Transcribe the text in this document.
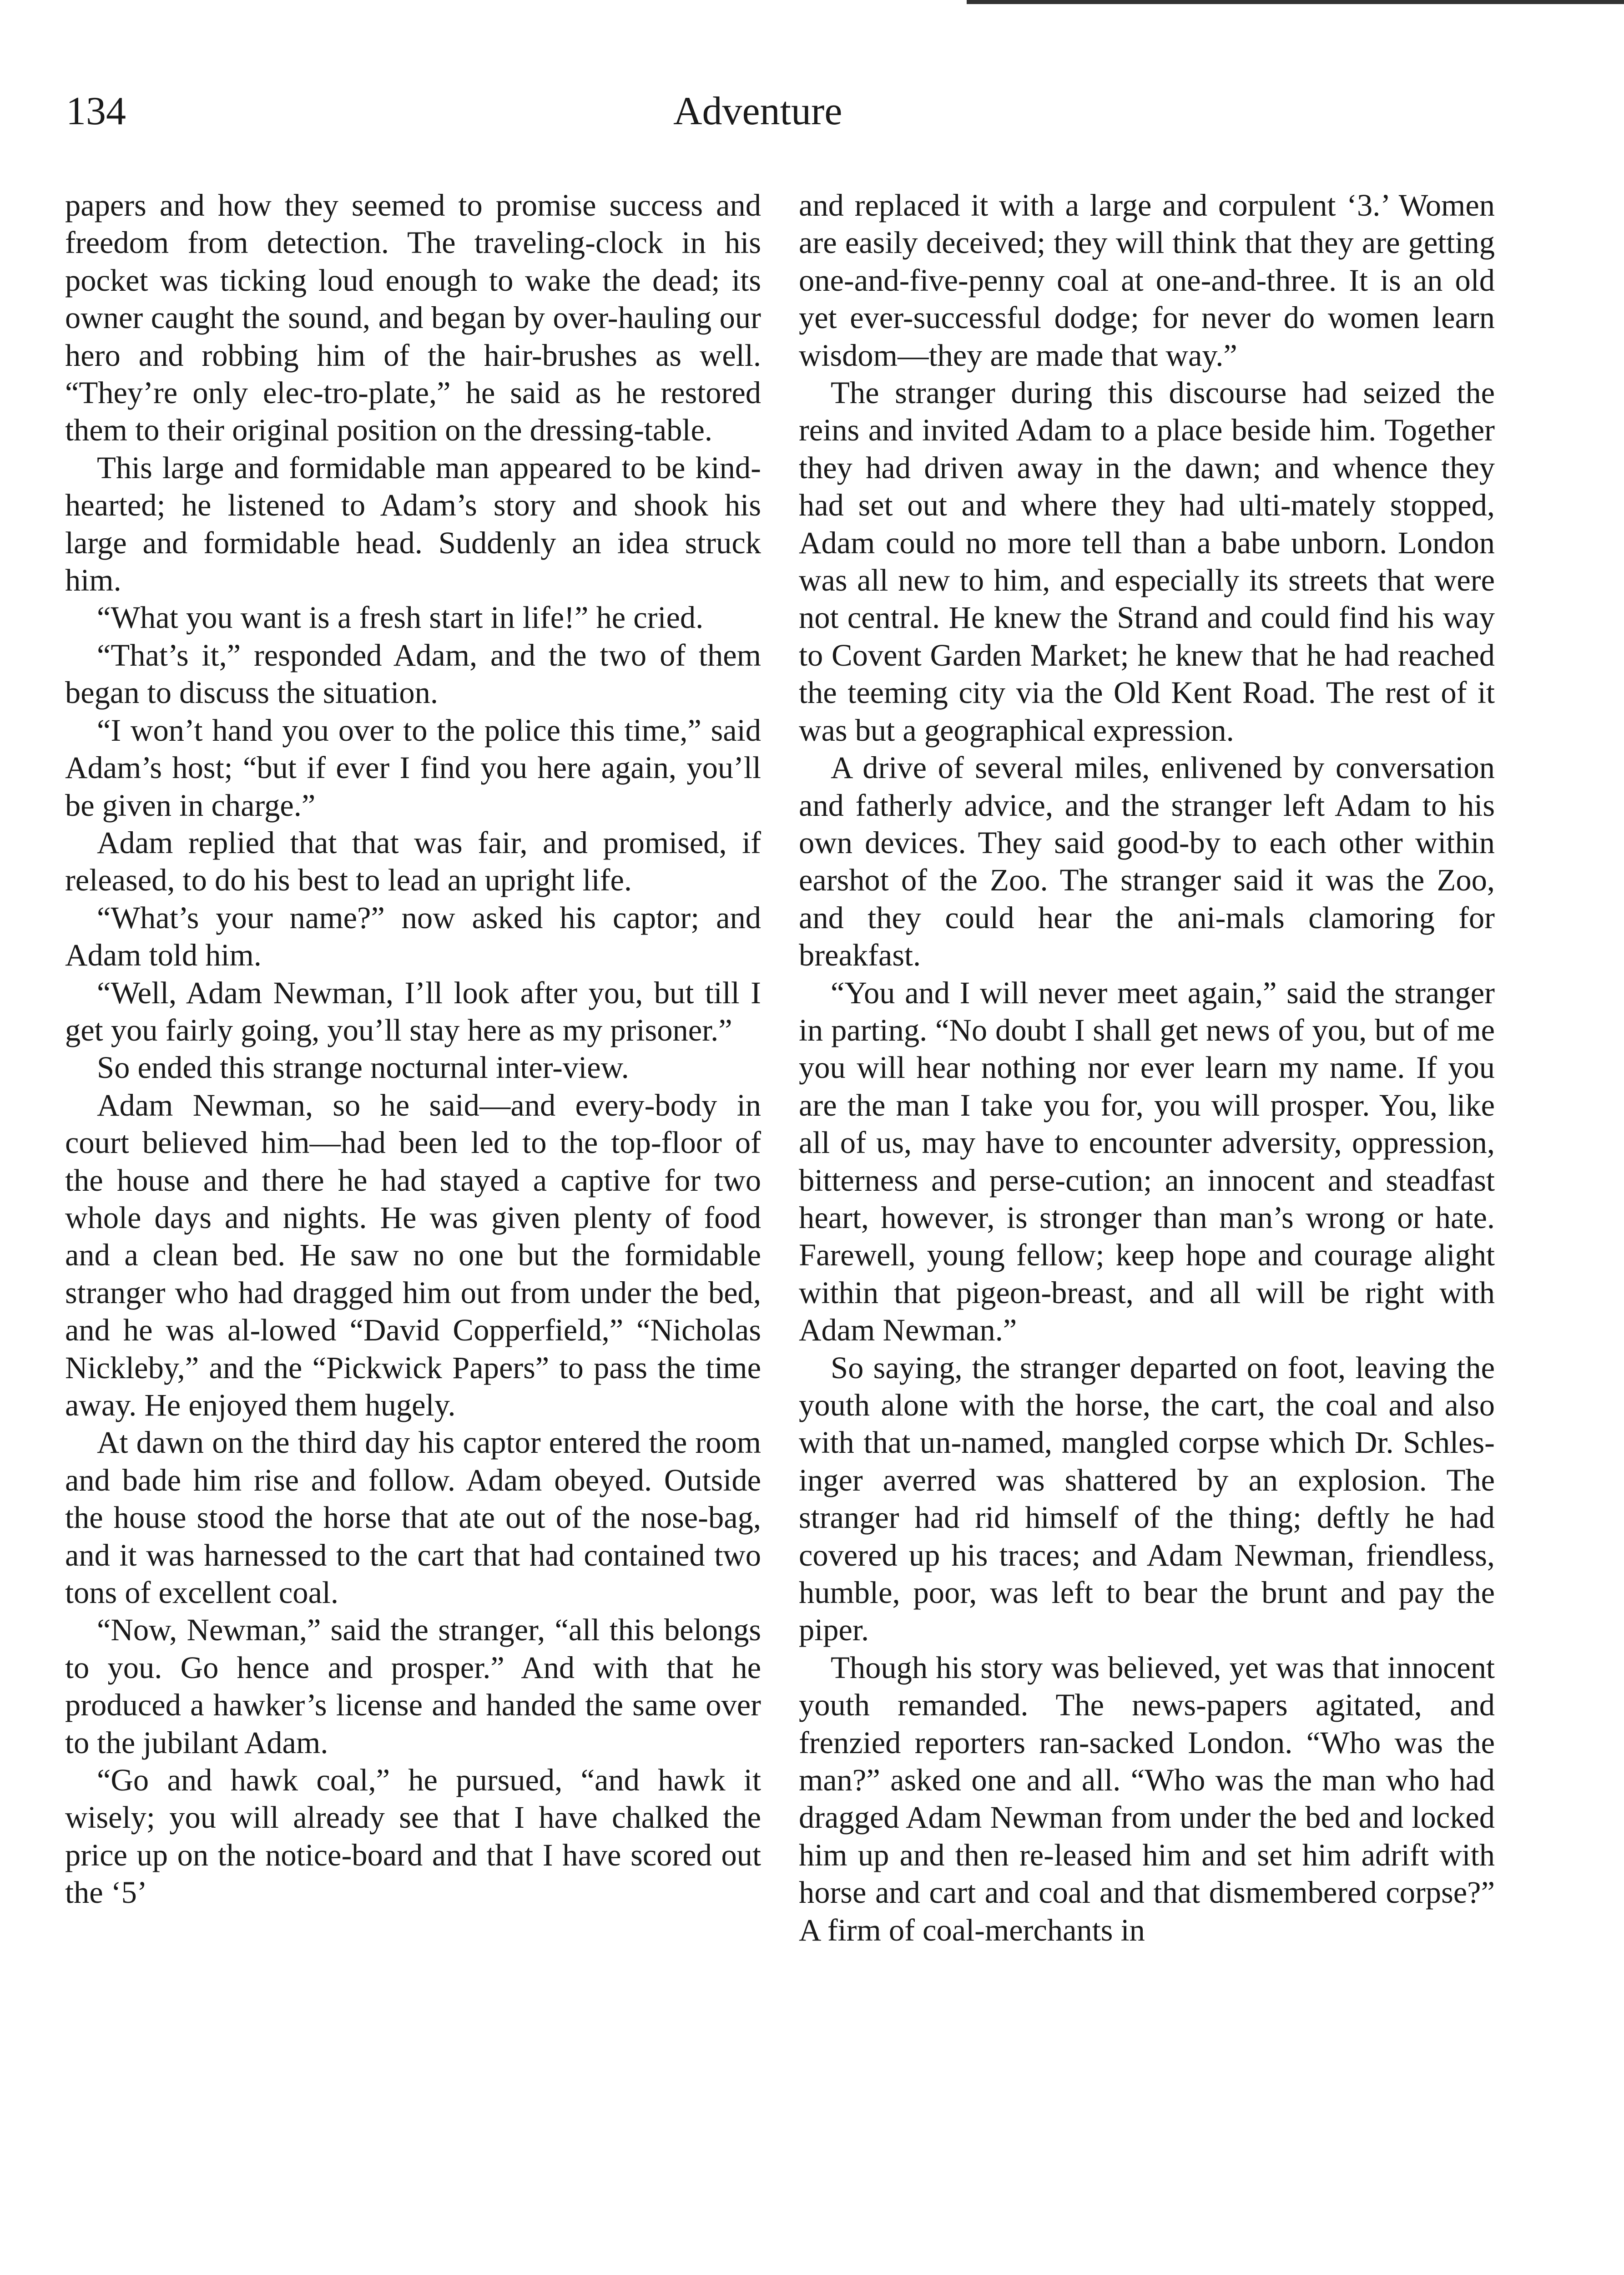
134	Adventure

papers and how they seemed to promise success and freedom from detection. The traveling-clock in his pocket was ticking loud enough to wake the dead; its owner caught the sound, and began by over-hauling our hero and robbing him of the hair-brushes as well. “They’re only elec-tro-plate,” he said as he restored them to their original position on the dressing-table.

This large and formidable man appeared to be kind-hearted; he listened to Adam’s story and shook his large and formidable head. Suddenly an idea struck him.

“What you want is a fresh start in life!” he cried.

“That’s it,” responded Adam, and the two of them began to discuss the situation.

“I won’t hand you over to the police this time,” said Adam’s host; “but if ever I find you here again, you’ll be given in charge.”

Adam replied that that was fair, and promised, if released, to do his best to lead an upright life.

“What’s your name?” now asked his captor; and Adam told him.

“Well, Adam Newman, I’ll look after you, but till I get you fairly going, you’ll stay here as my prisoner.”

So ended this strange nocturnal inter-view.

Adam Newman, so he said—and every-body in court believed him—had been led to the top-floor of the house and there he had stayed a captive for two whole days and nights. He was given plenty of food and a clean bed. He saw no one but the formidable stranger who had dragged him out from under the bed, and he was al-lowed “David Copperfield,” “Nicholas Nickleby,” and the “Pickwick Papers” to pass the time away. He enjoyed them hugely.

At dawn on the third day his captor entered the room and bade him rise and follow. Adam obeyed. Outside the house stood the horse that ate out of the nose-bag, and it was harnessed to the cart that had contained two tons of excellent coal.

“Now, Newman,” said the stranger, “all this belongs to you. Go hence and prosper.” And with that he produced a hawker’s license and handed the same over to the jubilant Adam.

“Go and hawk coal,” he pursued, “and hawk it wisely; you will already see that I have chalked the price up on the notice-board and that I have scored out the ‘5’

and replaced it with a large and corpulent ‘3.’ Women are easily deceived; they will think that they are getting one-and-five-penny coal at one-and-three. It is an old yet ever-successful dodge; for never do women learn wisdom—they are made that way.”

The stranger during this discourse had seized the reins and invited Adam to a place beside him. Together they had driven away in the dawn; and whence they had set out and where they had ulti-mately stopped, Adam could no more tell than a babe unborn. London was all new to him, and especially its streets that were not central. He knew the Strand and could find his way to Covent Garden Market; he knew that he had reached the teeming city via the Old Kent Road. The rest of it was but a geographical expression.

A drive of several miles, enlivened by conversation and fatherly advice, and the stranger left Adam to his own devices. They said good-by to each other within earshot of the Zoo. The stranger said it was the Zoo, and they could hear the ani-mals clamoring for breakfast.

“You and I will never meet again,” said the stranger in parting. “No doubt I shall get news of you, but of me you will hear nothing nor ever learn my name. If you are the man I take you for, you will prosper. You, like all of us, may have to encounter adversity, oppression, bitterness and perse-cution; an innocent and steadfast heart, however, is stronger than man’s wrong or hate. Farewell, young fellow; keep hope and courage alight within that pigeon-breast, and all will be right with Adam Newman.”

So saying, the stranger departed on foot, leaving the youth alone with the horse, the cart, the coal and also with that un-named, mangled corpse which Dr. Schles-inger averred was shattered by an explosion. The stranger had rid himself of the thing; deftly he had covered up his traces; and Adam Newman, friendless, humble, poor, was left to bear the brunt and pay the piper.

Though his story was believed, yet was that innocent youth remanded. The news-papers agitated, and frenzied reporters ran-sacked London. “Who was the man?” asked one and all. “Who was the man who had dragged Adam Newman from under the bed and locked him up and then re-leased him and set him adrift with horse and cart and coal and that dismembered corpse?” A firm of coal-merchants in
